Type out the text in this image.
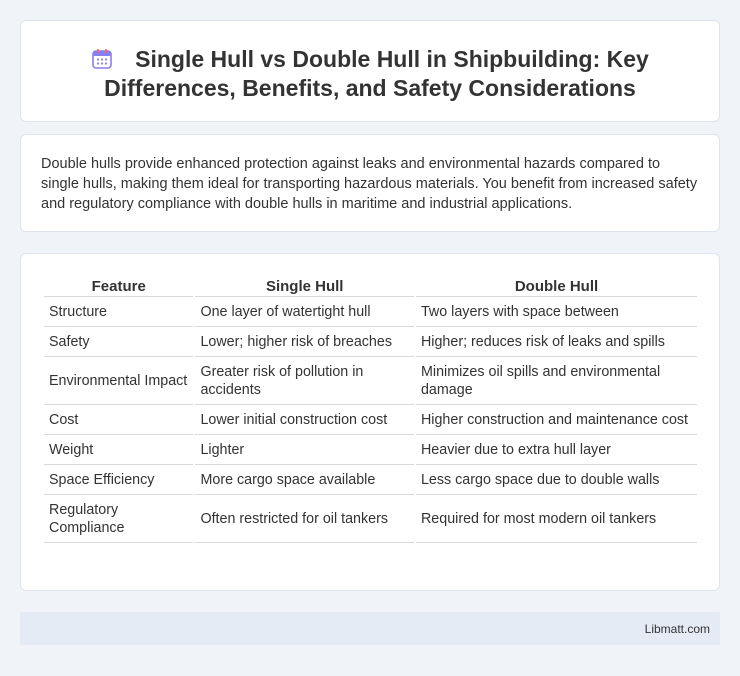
Single Hull vs Double Hull in Shipbuilding: Key Differences, Benefits, and Safety Considerations

Double hulls provide enhanced protection against leaks and environmental hazards compared to single hulls, making them ideal for transporting hazardous materials. You benefit from increased safety and regulatory compliance with double hulls in maritime and industrial applications.

Feature	Single Hull	Double Hull
Structure	One layer of watertight hull	Two layers with space between
Safety	Lower; higher risk of breaches	Higher; reduces risk of leaks and spills
Environmental Impact	Greater risk of pollution in accidents	Minimizes oil spills and environmental damage
Cost	Lower initial construction cost	Higher construction and maintenance cost
Weight	Lighter	Heavier due to extra hull layer
Space Efficiency	More cargo space available	Less cargo space due to double walls
Regulatory Compliance	Often restricted for oil tankers	Required for most modern oil tankers
Libmatt.com
